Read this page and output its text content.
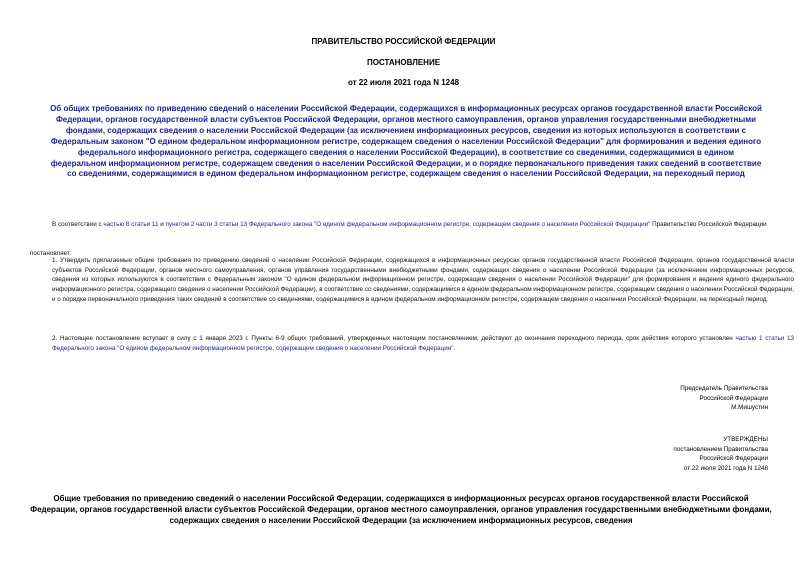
ПРАВИТЕЛЬСТВО РОССИЙСКОЙ ФЕДЕРАЦИИ
ПОСТАНОВЛЕНИЕ
от 22 июля 2021 года N 1248
Об общих требованиях по приведению сведений о населении Российской Федерации, содержащихся в информационных ресурсах органов государственной власти Российской Федерации, органов государственной власти субъектов Российской Федерации, органов местного самоуправления, органов управления государственными внебюджетными фондами, содержащих сведения о населении Российской Федерации (за исключением информационных ресурсов, сведения из которых используются в соответствии с Федеральным законом "О едином федеральном информационном регистре, содержащем сведения о населении Российской Федерации" для формирования и ведения единого федерального информационного регистра, содержащего сведения о населении Российской Федерации), в соответствие со сведениями, содержащимися в едином федеральном информационном регистре, содержащем сведения о населении Российской Федерации, и о порядке первоначального приведения таких сведений в соответствие со сведениями, содержащимися в едином федеральном информационном регистре, содержащем сведения о населении Российской Федерации, на переходный период
В соответствии с частью 8 статьи 11 и пунктом 2 части 3 статьи 13 Федерального закона "О едином федеральном информационном регистре, содержащем сведения о населении Российской Федерации" Правительство Российской Федерации
постановляет:
1. Утвердить прилагаемые общие требования по приведению сведений о населении Российской Федерации, содержащихся в информационных ресурсах органов государственной власти Российской Федерации, органов государственной власти субъектов Российской Федерации, органов местного самоуправления, органов управления государственными внебюджетными фондами, содержащих сведения о населении Российской Федерации (за исключением информационных ресурсов, сведения из которых используются в соответствии с Федеральным законом "О едином федеральном информационном регистре, содержащем сведения о населении Российской Федерации" для формирования и ведения единого федерального информационного регистра, содержащего сведения о населении Российской Федерации), в соответствие со сведениями, содержащимися в едином федеральном информационном регистре, содержащем сведения о населении Российской Федерации, и о порядке первоначального приведения таких сведений в соответствие со сведениями, содержащимися в едином федеральном информационном регистре, содержащем сведения о населении Российской Федерации, на переходный период.
2. Настоящее постановление вступает в силу с 1 января 2023 г. Пункты 6-9 общих требований, утвержденных настоящим постановлением, действуют до окончания переходного периода, срок действия которого установлен частью 1 статьи 13 Федерального закона "О едином федеральном информационном регистре, содержащем сведения о населении Российской Федерации".
Председатель Правительства
Российской Федерации
М.Мишустин
УТВЕРЖДЕНЫ
постановлением Правительства
Российской Федерации
от 22 июля 2021 года N 1248
Общие требования по приведению сведений о населении Российской Федерации, содержащихся в информационных ресурсах органов государственной власти Российской Федерации, органов государственной власти субъектов Российской Федерации, органов местного самоуправления, органов управления государственными внебюджетными фондами, содержащих сведения о населении Российской Федерации (за исключением информационных ресурсов, сведения
